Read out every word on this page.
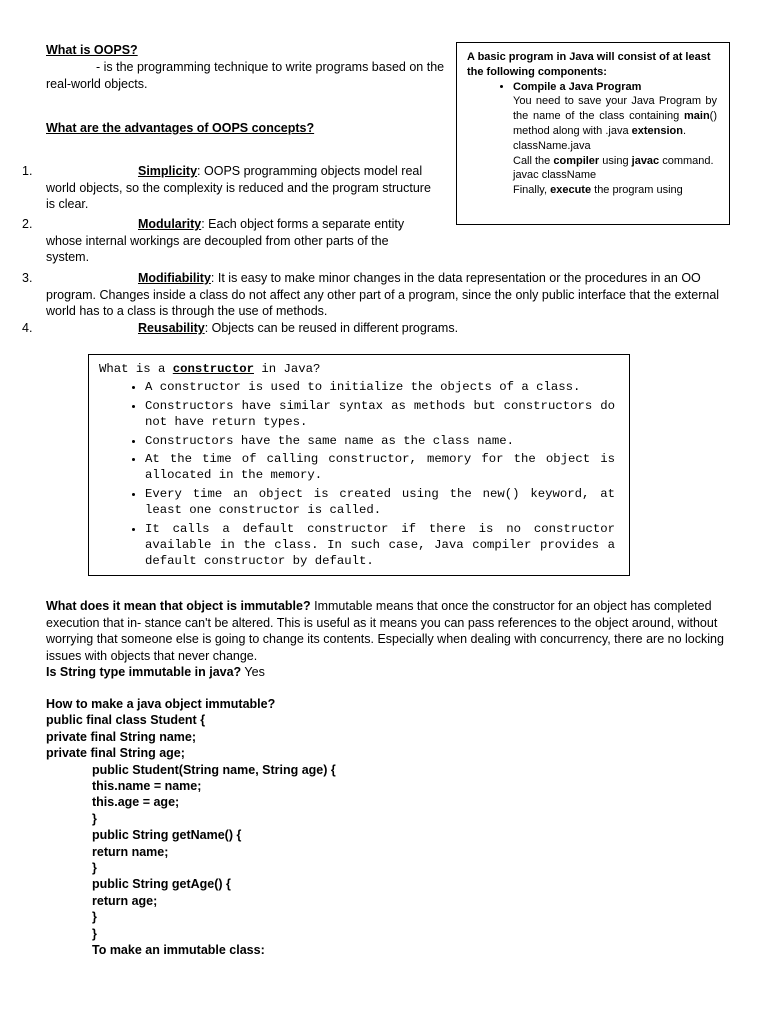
What is OOPS?
- is the programming technique to write programs based on the real-world objects.
What are the advantages of OOPS concepts?
1.	Simplicity: OOPS programming objects model real world objects, so the complexity is reduced and the program structure is clear.
2.	Modularity: Each object forms a separate entity whose internal workings are decoupled from other parts of the system.
3.	Modifiability: It is easy to make minor changes in the data representation or the procedures in an OO program. Changes inside a class do not affect any other part of a program, since the only public interface that the external world has to a class is through the use of methods.
4.	Reusability: Objects can be reused in different programs.
A basic program in Java will consist of at least the following components:
• Compile a Java Program
You need to save your Java Program by the name of the class containing main() method along with .java extension.
className.java
Call the compiler using javac command.
javac className
Finally, execute the program using
What is a constructor in Java?
• A constructor is used to initialize the objects of a class.
• Constructors have similar syntax as methods but constructors do not have return types.
• Constructors have the same name as the class name.
• At the time of calling constructor, memory for the object is allocated in the memory.
• Every time an object is created using the new() keyword, at least one constructor is called.
• It calls a default constructor if there is no constructor available in the class. In such case, Java compiler provides a default constructor by default.
What does it mean that object is immutable? Immutable means that once the constructor for an object has completed execution that in- stance can't be altered. This is useful as it means you can pass references to the object around, without worrying that someone else is going to change its contents. Especially when dealing with concurrency, there are no locking issues with objects that never change.
Is String type immutable in java? Yes
How to make a java object immutable?
public final class Student {
private final String name;
private final String age;
public Student(String name, String age) {
this.name = name;
this.age = age;
}
public String getName() {
return name;
}
public String getAge() {
return age;
}
}
To make an immutable class:
